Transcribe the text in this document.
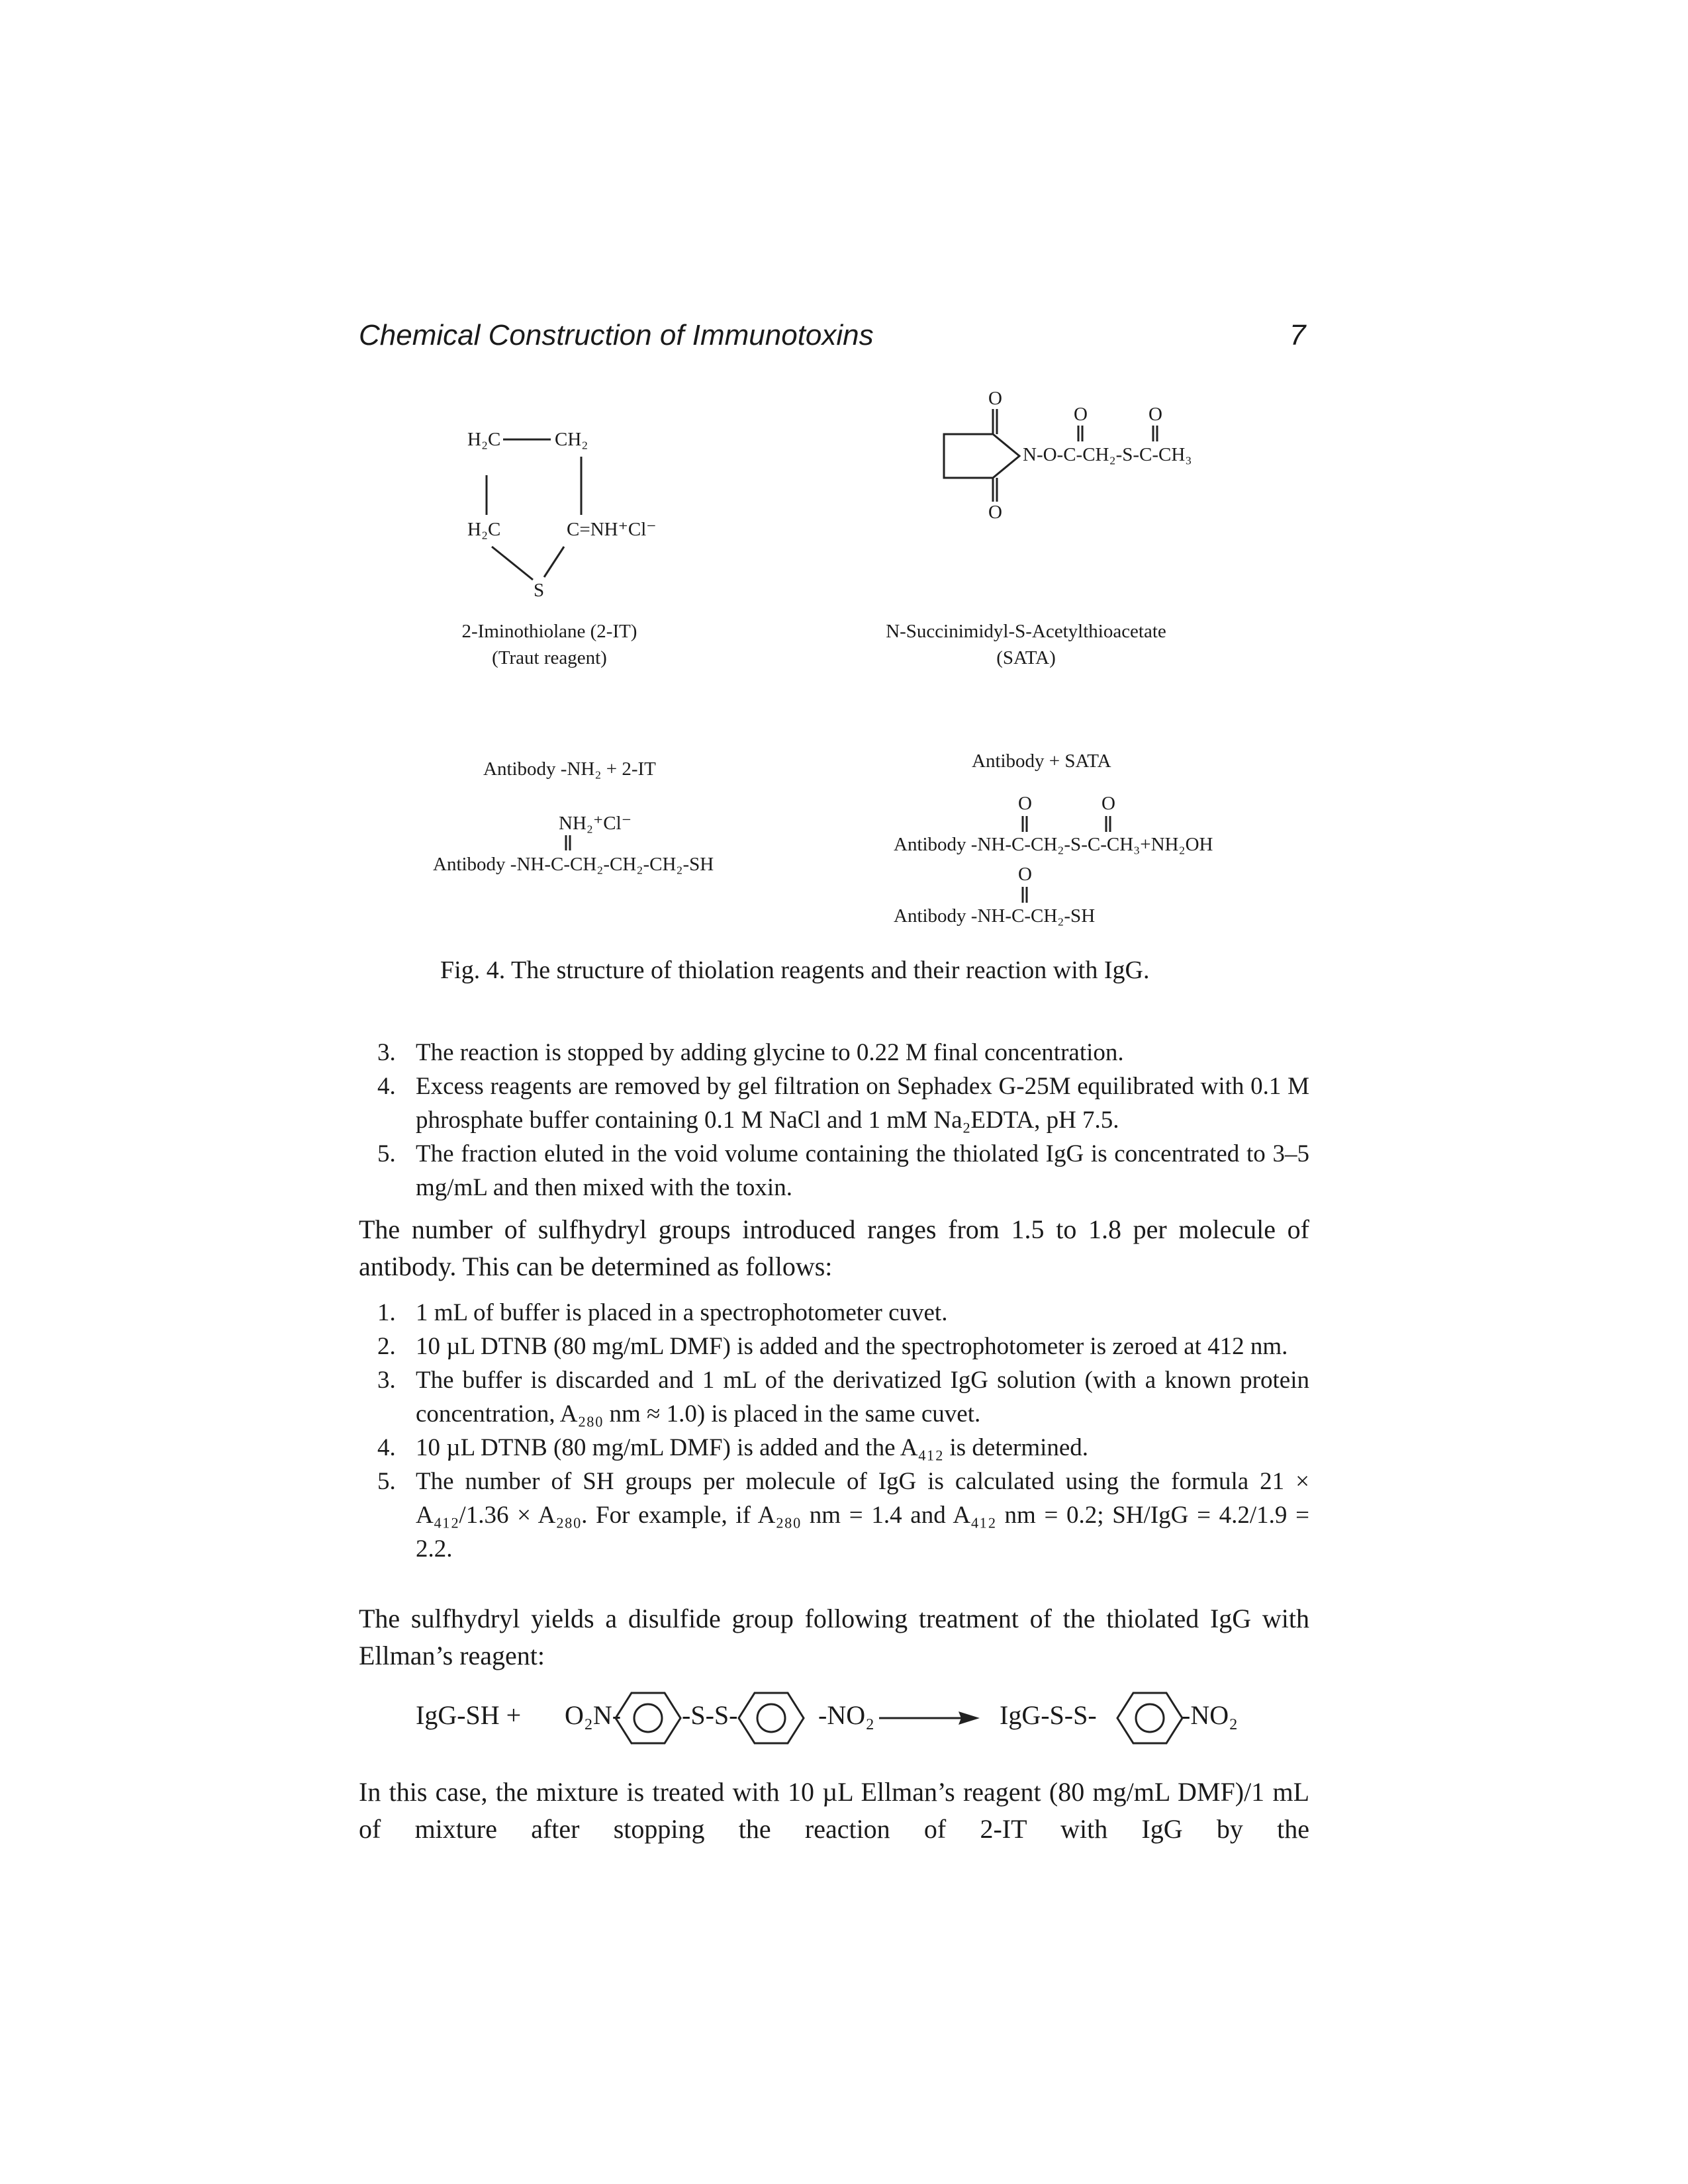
Chemical Construction of Immunotoxins	7
H₂C	CH₂
H₂C	C=NH⁺Cl⁻
S
2-Iminothiolane (2-IT)
(Traut reagent)
O
O
O	O
N-O-C-CH₂-S-C-CH₃
N-Succinimidyl-S-Acetylthioacetate
(SATA)
Antibody -NH₂ + 2-IT
NH₂⁺Cl⁻
Antibody -NH-C-CH₂-CH₂-CH₂-SH
Antibody + SATA
O	O
Antibody -NH-C-CH₂-S-C-CH₃+NH₂OH
O
Antibody -NH-C-CH₂-SH
Fig. 4. The structure of thiolation reagents and their reaction with IgG.
3. The reaction is stopped by adding glycine to 0.22 M final concentration.
4. Excess reagents are removed by gel filtration on Sephadex G-25M equilibrated with 0.1 M phrosphate buffer containing 0.1 M NaCl and 1 mM Na₂EDTA, pH 7.5.
5. The fraction eluted in the void volume containing the thiolated IgG is concentrated to 3–5 mg/mL and then mixed with the toxin.
The number of sulfhydryl groups introduced ranges from 1.5 to 1.8 per molecule of antibody. This can be determined as follows:
1. 1 mL of buffer is placed in a spectrophotometer cuvet.
2. 10 µL DTNB (80 mg/mL DMF) is added and the spectrophotometer is zeroed at 412 nm.
3. The buffer is discarded and 1 mL of the derivatized IgG solution (with a known protein concentration, A₂₈₀ nm ≈ 1.0) is placed in the same cuvet.
4. 10 µL DTNB (80 mg/mL DMF) is added and the A₄₁₂ is determined.
5. The number of SH groups per molecule of IgG is calculated using the formula 21 × A₄₁₂/1.36 × A₂₈₀. For example, if A₂₈₀ nm = 1.4 and A₄₁₂ nm = 0.2; SH/IgG = 4.2/1.9 = 2.2.
The sulfhydryl yields a disulfide group following treatment of the thiolated IgG with Ellman’s reagent:
IgG-SH + O₂N- -S-S-	-NO₂	IgG-S-S-	-NO₂
In this case, the mixture is treated with 10 µL Ellman’s reagent (80 mg/mL DMF)/1 mL of mixture after stopping the reaction of 2-IT with IgG by the
